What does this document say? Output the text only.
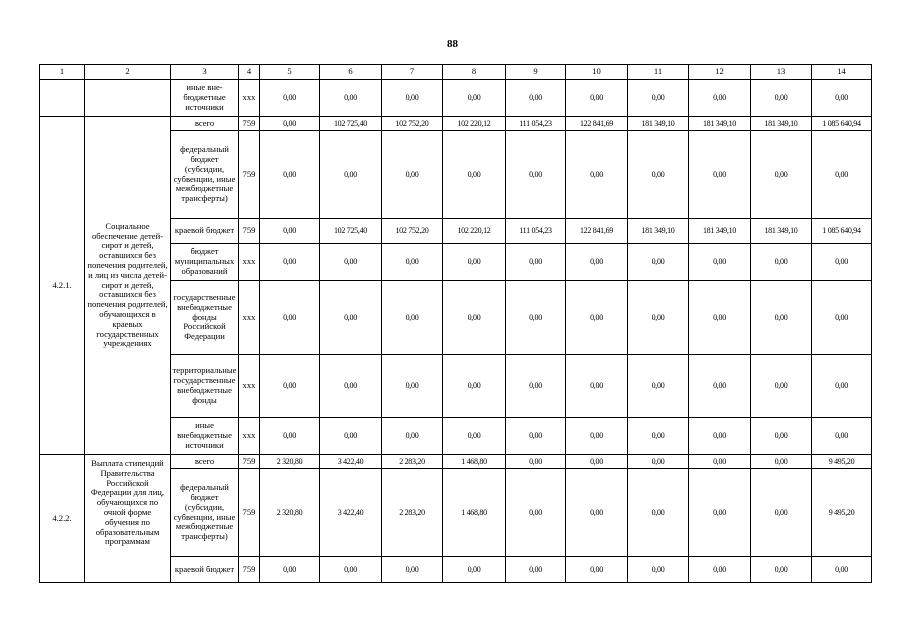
88
1	2	3	4	5	6	7	8	9	10	11	12	13	14
		иные вне-бюджетные источники	xxx	0,00	0,00	0,00	0,00	0,00	0,00	0,00	0,00	0,00	0,00
4.2.1.	Социальное обеспечение детей-сирот и детей, оставшихся без попечения родителей, и лиц из числа детей-сирот и детей, оставшихся без попечения родителей, обучающихся в краевых государственных учреждениях	всего	759	0,00	102 725,40	102 752,20	102 220,12	111 054,23	122 841,69	181 349,10	181 349,10	181 349,10	1 085 640,94
		федеральный бюджет (субсидии, субвенции, иные межбюджетные трансферты)	759	0,00	0,00	0,00	0,00	0,00	0,00	0,00	0,00	0,00	0,00
		краевой бюджет	759	0,00	102 725,40	102 752,20	102 220,12	111 054,23	122 841,69	181 349,10	181 349,10	181 349,10	1 085 640,94
		бюджет муниципальных образований	xxx	0,00	0,00	0,00	0,00	0,00	0,00	0,00	0,00	0,00	0,00
		государственные внебюджетные фонды Российской Федерации	xxx	0,00	0,00	0,00	0,00	0,00	0,00	0,00	0,00	0,00	0,00
		территориальные государственные внебюджетные фонды	xxx	0,00	0,00	0,00	0,00	0,00	0,00	0,00	0,00	0,00	0,00
		иные внебюджетные источники	xxx	0,00	0,00	0,00	0,00	0,00	0,00	0,00	0,00	0,00	0,00
4.2.2.	Выплата стипендий Правительства Российской Федерации для лиц, обучающихся по очной форме обучения по образовательным программам	всего	759	2 320,80	3 422,40	2 283,20	1 468,80	0,00	0,00	0,00	0,00	0,00	9 495,20
		федеральный бюджет (субсидии, субвенции, иные межбюджетные трансферты)	759	2 320,80	3 422,40	2 283,20	1 468,80	0,00	0,00	0,00	0,00	0,00	9 495,20
		краевой бюджет	759	0,00	0,00	0,00	0,00	0,00	0,00	0,00	0,00	0,00	0,00
